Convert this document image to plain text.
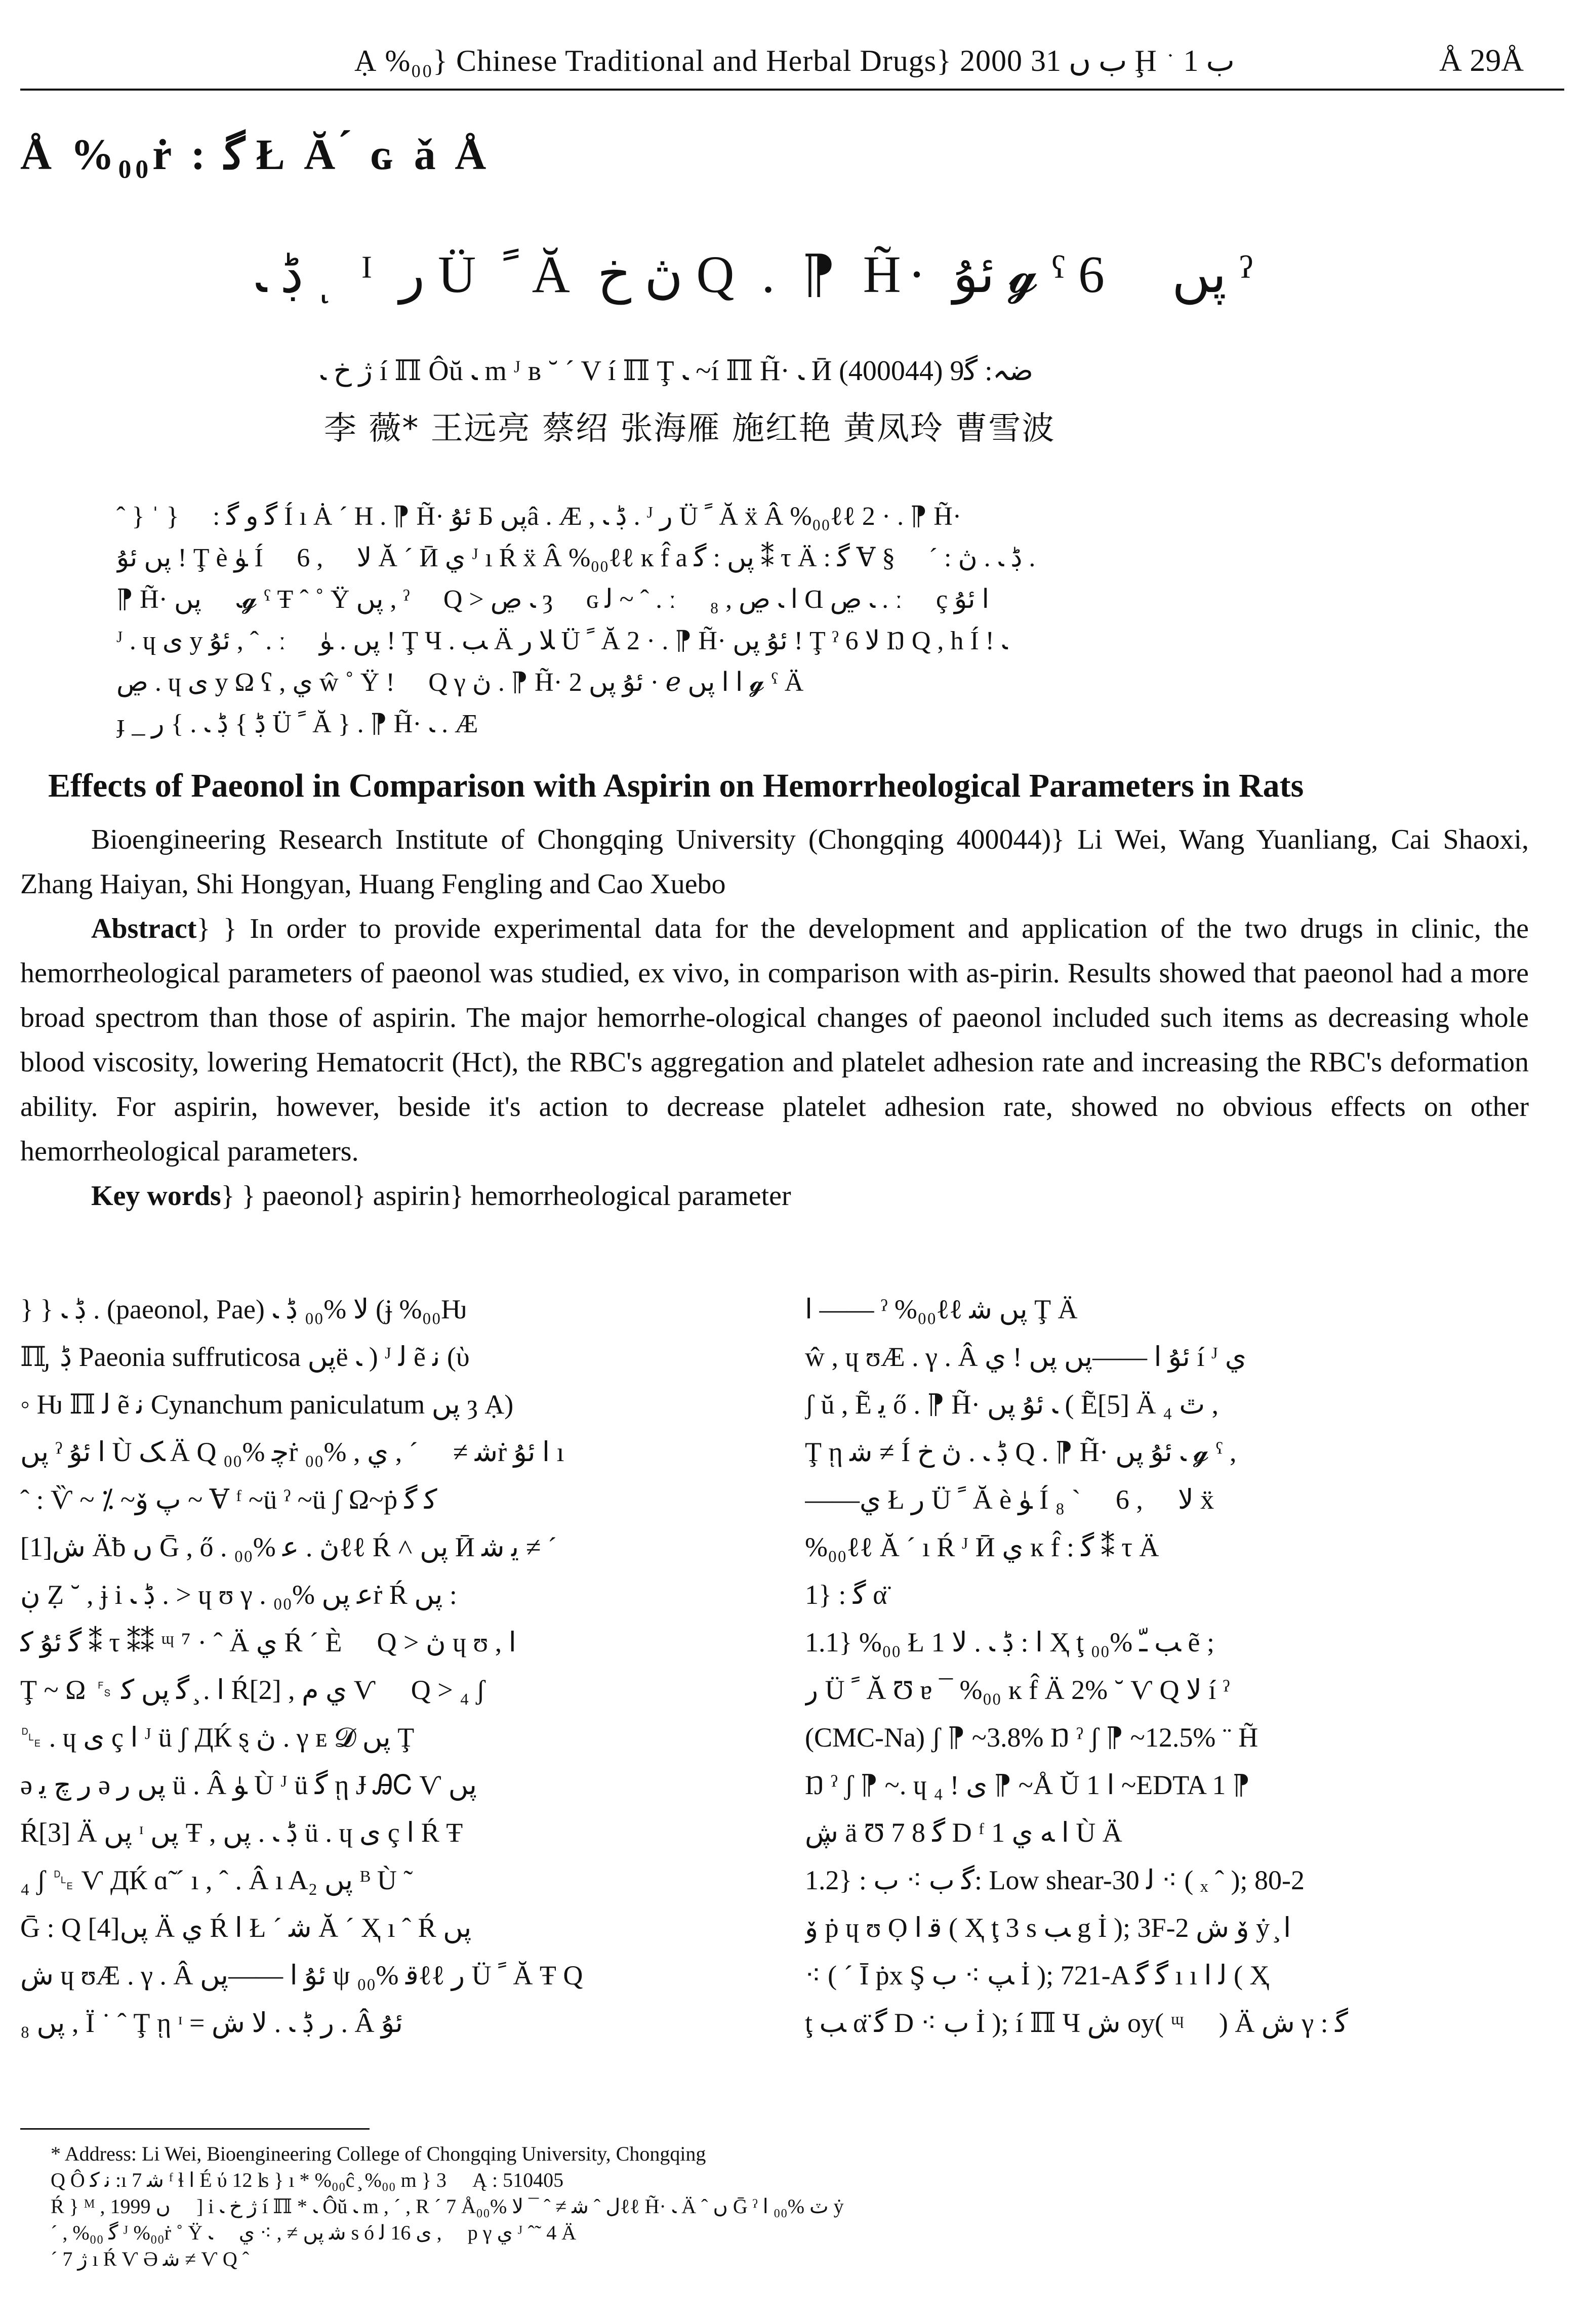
Ạ %₀₀} Chinese Traditional and Herbal Drugs} 2000 ب ں 31 Ḩ ب 1 ﮲	Å 29Å
Å %₀₀ṙ : ﮔ Ł Ă ́ ɢ ǎ Å
ڋ ﹳ ͺ ᴵ ر Ü ﹰ Ă ڽ خ Q . ⁋ H̃· ئۇ 𝓰 ˁ پں ⃞ 6 ˀ
ژ خ ﹳ í ℿ Ôŭ ﹳ m ᴶ ʙ ˘ ´ V í ℿ Ţ ﹳ ~í ℿ H̃· ﹳ Ӣ ضہ: ﮔ9 (400044)
李 薇* 王远亮 蔡绍 张海雁 施红艳 黄凤玲 曹雪波
ˆ } ˈ } ⃞ : ﮔ و ﮔ Í ı Ȧ ´ H . ⁋ H̃· ئۇ Б پںâ . Æ , ڋ ﹳ . ᴶ ر Ü ﹰ Ă ẍ Â %₀₀ℓℓ 2 · . ⁋ H̃·
پں ئۇ ! Ţ è ﯜ Í ⃞ 6 , ␜ ﻻ Ă ´ Ӣ ي ᴶ ı Ŕ ẍ Â %₀₀ℓℓ ĸ f̂ a پں : ﮔ ⁑ τ Ä : ﮔ Ɐ § ⃞ ´ : ڋ ﹳ . ڽ .
⁋ H̃· ﹳ ⃞ پں𝓰 ˁ Ŧ ˆ ˚ Ÿ پں , ˀ ⃞ Q > ﹳ ڝ ȝ ⃞ ɢ ﻟ ~ ˆ . ː ⃞ ﺍ ﹳ ڝ , ₈ Ɑ ﹳ ڝ . ː ⃞ ç ﺍ ئۇ
ᴶ . ɥ ى y ئۇ , ˆ . ː ⃞ پں . ﯜ ! Ţ Ч . ﺐ Ä ﻼ ر Ü ﹰ Ă 2 · . ⁋ H̃· ئۇ پں ! Ţ ˀ 6 ﻻ Ŋ Q , h Í ! ﹳ
ڝ . ɥ ى y Ω ʕ , ي ŵ ˚ Ÿ ! ⃞ Q γ ڽ . ⁋ H̃· ئۇ پں 2 · ℯ ﺍ ﺍ پں 𝓰 ˁ Ä
ɟ _ ڋ } ڋ ﹳ . } ر Ü ﹰ Ă } . ⁋ H̃· ﹳ . Æ
Effects of Paeonol in Comparison with Aspirin on Hemorrheological Parameters in Rats

Bioengineering Research Institute of Chongqing University (Chongqing 400044)} Li Wei, Wang Yuanliang, Cai Shaoxi, Zhang Haiyan, Shi Hongyan, Huang Fengling and Cao Xuebo

Abstract} } In order to provide experimental data for the development and application of the two drugs in clinic, the hemorrheological parameters of paeonol was studied, ex vivo, in comparison with as-pirin. Results showed that paeonol had a more broad spectrom than those of aspirin. The major hemorrhe-ological changes of paeonol included such items as decreasing whole blood viscosity, lowering Hematocrit (Hct), the RBC's aggregation and platelet adhesion rate and increasing the RBC's deformation ability. For aspirin, however, beside it's action to decrease platelet adhesion rate, showed no obvious effects on other hemorrheological parameters.

Key words} } paeonol} aspirin} hemorrheological parameter

} } ڋ ﹳ . (paeonol, Pae) ﻻ %₀₀ ڋ ﹳ (ɉ %₀₀Ƕ
ℿ ̡ ڋ Paeonia suffruticosa پںë ﹳ ) ᴶ ﻟ ẽ ﻧ (ὺ
◦ Ƕ ℿ ﻟ ẽ ﻧ Cynanchum paniculatum پں ȝ Ạ)
پں ˀ ﺍ ئۇ Ù ﮏ Ä Q ﭼ %₀₀ṙ ﺷ ≠ ⃞ ´ , ي , %₀₀ṙ ﺍ ئۇ ı
ˆ : Ѷ ~ ⁒ ~پ ﯙ ~ Ɐ ᶠ ~ü ˀ ~ü ʃ Ω~ṗ ﮐ ﮔ
ش[1] Äƀ ں Ḡ , ő . ڽ . ﻋ %₀₀ℓℓ Ŕ ˄ پں Ӣ ﯾ ﺷ ≠ ´
ڹ Ẓ ˘ , ɉ i ڋ ﹳ . > ɥ ʊ γ . ﻋ پں %₀₀ṙ Ŕ پں :
ﮔ ئۇ ﮐ ⁑ τ ⁑⁑ ᶭ ⁷ · ˆ Ä ي Ŕ ´ È ⃞ Q > ڽ ɥ ʊ , ﺍ
Ţ ~ Ω ␜ ﺍ . ̧ ﮔ پں ﮐ Ŕ[2] , ي ﻡ Ѵ ⃞ Q > ₄ ʃ
␐ . ɥ ى ç ﺍ ᴶ ü ʃ ДЌ ȿ ڽ . γ ᴇ 𝓓 پں Ţ
ə ﺭ ﭺ ﻳ ə پں ﺭ ü . Â ﯜ Ù ᴶ ü ﮔ ῃ Ɉ ᎯᏟ Ѵ پں
Ŕ[3] Ä پں ᶦ پں Ŧ , ڋ ﹳ . پں ü . ɥ ى ç ﺍ Ŕ Ŧ
₄ ʃ ␐ Ѵ ДЌ ɑ̃ ´ ı , ˆ . Â ı A₂ پں ᴮ Ù ˜
Ḡ : Q پں[4] Ä ي Ŕ ﺍ Ł ´ ﺷ Ă ´ Ҳ ı ˆ Ŕ پں
ش ɥ ʊÆ . γ . Â ئۇ ﺍ ——پں ψ ﻗ %₀₀ℓℓ ر Ü ﹰ Ă Ŧ Q
₈ پں , Ï ˙ ˆ Ţ ῃ ᶦ = ﺭ ڋ ﹳ . ﻻ ش . Â ئۇ
ﺍ —— ˀ %₀₀ℓℓ پں ﺷ Ţ Ä
ŵ , ɥ ʊÆ . γ . Â ئۇ ﺍ ——پں پں ! ي í ᴶ ي
ʃ ŭ , Ẽ ﻳ ő . ⁋ H̃· ﹳ ئۇ پں ( Ẽ[5] Ä ₄ ٿ ,
Ţ ῃ ﺷ ≠ Í ڋ ﹳ . ڽ خ Q . ⁋ H̃· ﹳ ئۇ پں 𝓰 ˁ ,
——ي Ł ر Ü ﹰ Ă è ﯜ Í ₈ ˋ ⃞ 6 , ␜ ﻻ ẍ
%₀₀ℓℓ Ă ´ ı Ŕ ᴶ Ӣ ي ĸ f̂ : ﮔ ⁑ τ Ä
1} : ﮔ α̈
1.1} %₀₀ Ł 1 ﺍ : ڋ ﹳ . ﻻ Ҳ ţ ﺐ ﹽ %₀₀ ẽ ;
ر Ü ﹰ Ă Ʊ ɐ ¯ %₀₀ ĸ f̂ Ä 2% ˘ Ѵ Q ﻻ í ˀ
(CMC-Na) ʃ ⁋ ~3.8% Ŋ ˀ ʃ ⁋ ~12.5% ¨ H̃
Ŋ ˀ ʃ ⁋ ~. ɥ ى ! ₄ ⁋ ~Å Ŭ 1 ﺍ ~EDTA 1 ⁋
ڜ ä Ʊ 7 8 ﮔ D ᶠ 1 ﺍ ﻪ ي Ù Ä
1.2} : ﮔ ب ⁖ ب: Low shear-30 ﻟ ⁖ ( ₓ ˆ ); 80-2
ﯙ ṗ ɥ ʊ Ọ ﻗ ﺍ ( Ҳ ţ 3 s ﺐ g İ ); 3F-2 ﯙ ش ẏ ̧ ﺍ
⁖ ( ´ Ī ṗx Ş ﭗ ⁖ ب İ ); 721-A ﮔ ﮔ ı ı ﻟ ﺍ ( Ҳ
ţ ﺐ α̈ ﮔ D ⁖ ب İ ); í ℿ Ч ش oy( ᶭ ⃞ ) Ä ش γ : ﮔ
* Address: Li Wei, Bioengineering College of Chongqing University, Chongqing
Q Ô ﻧ ﮐ :ı 7 ﺷ ᶠ ɬ ﺍ É ύ 12 ʪ } ı * %₀₀ĉ ̧ %₀₀ m } 3 ⃞ Ą : 510405
Ŕ } ᴹ , 1999 ں ⃞ ] i ژ خ ﹳ í ℿ * ﹳ Ôŭ ﹳ m , ´ , R ´ 7 Åل ˆ ﺷ ≠ ˆ ¯ ﻻ %₀₀ℓℓ H̃· ﹳ Ä ˆ ں Ḡ ˀ ٽ %₀₀ ﺍ ẏ
´ , %₀₀ ﮔ ᴶ %₀₀ṙ ˚ Ÿ ﺷ پں ≠ , ⁖ ي ⃞ ﹳ s ó ى 16 ﻟ , ⃞ p γ ي ᴶ ˆ˜ 4 Ä
´ ژ 7 ı Ŕ Ѵ Ə ﺷ ≠ Ѵ Q ˆ
